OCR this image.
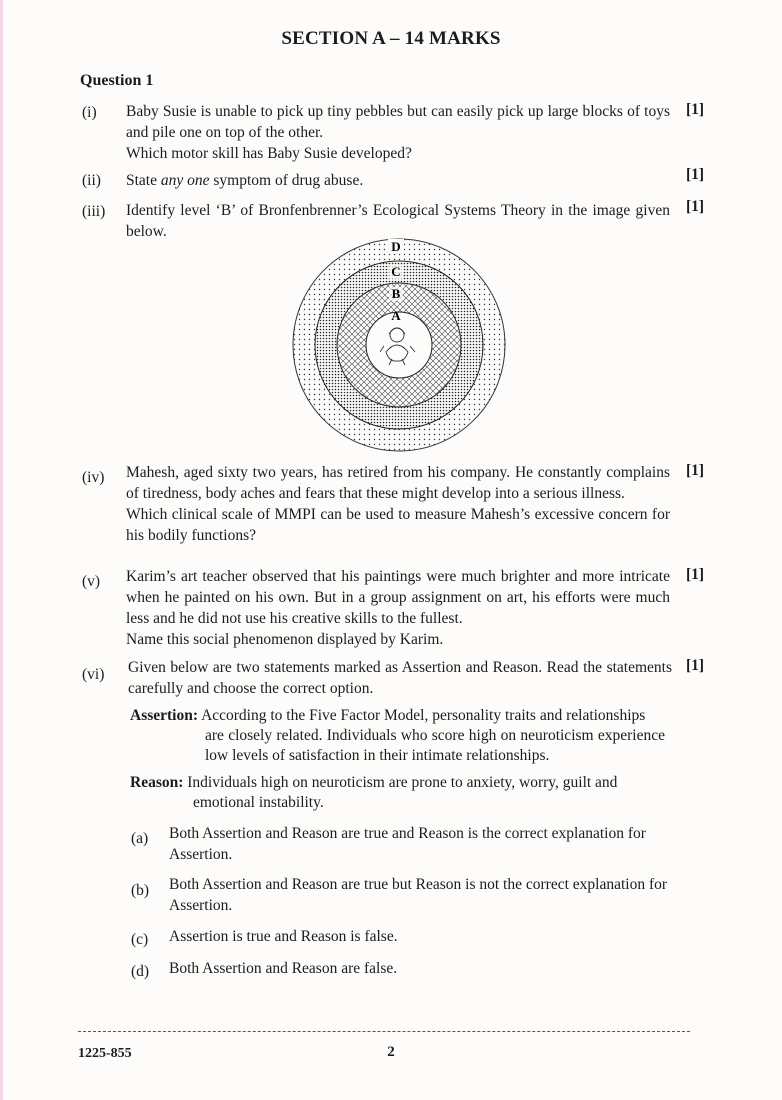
SECTION A – 14 MARKS
Question 1
(i) Baby Susie is unable to pick up tiny pebbles but can easily pick up large blocks of toys and pile one on top of the other.

Which motor skill has Baby Susie developed?

[1]
(ii) State any one symptom of drug abuse.	[1]
(iii) Identify level ‘B’ of Bronfenbrenner’s Ecological Systems Theory in the image given below.
[1]
D
C
B
A
(iv) Mahesh, aged sixty two years, has retired from his company. He constantly complains of tiredness, body aches and fears that these might develop into a serious illness.

Which clinical scale of MMPI can be used to measure Mahesh’s excessive concern for his bodily functions?

[1]
(v) Karim’s art teacher observed that his paintings were much brighter and more intricate when he painted on his own. But in a group assignment on art, his efforts were much less and he did not use his creative skills to the fullest.

Name this social phenomenon displayed by Karim.

[1]
(vi) Given below are two statements marked as Assertion and Reason. Read the statements carefully and choose the correct option.
[1]
Assertion: According to the Five Factor Model, personality traits and relationships
are closely related. Individuals who score high on neuroticism experience low levels of satisfaction in their intimate relationships.
Reason: Individuals high on neuroticism are prone to anxiety, worry, guilt and
emotional instability.
(a) Both Assertion and Reason are true and Reason is the correct explanation for Assertion.
(b) Both Assertion and Reason are true but Reason is not the correct explanation for Assertion.
(c) Assertion is true and Reason is false.
(d) Both Assertion and Reason are false.
1225-855	2
